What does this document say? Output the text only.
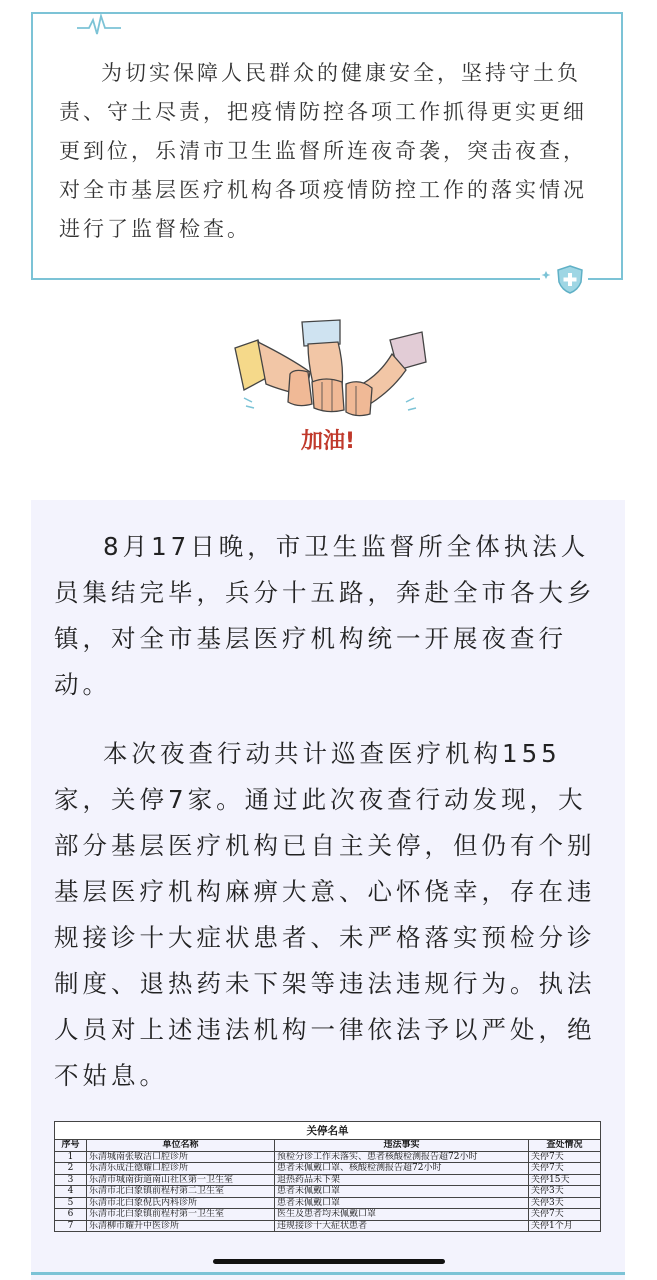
为切实保障人民群众的健康安全，坚持守土负责、守土尽责，把疫情防控各项工作抓得更实更细更到位，乐清市卫生监督所连夜奇袭，突击夜查，对全市基层医疗机构各项疫情防控工作的落实情况进行了监督检查。

加油!

8月17日晚，市卫生监督所全体执法人员集结完毕，兵分十五路，奔赴全市各大乡镇，对全市基层医疗机构统一开展夜查行动。

本次夜查行动共计巡查医疗机构155家，关停7家。通过此次夜查行动发现，大部分基层医疗机构已自主关停，但仍有个别基层医疗机构麻痹大意、心怀侥幸，存在违规接诊十大症状患者、未严格落实预检分诊制度、退热药未下架等违法违规行为。执法人员对上述违法机构一律依法予以严处，绝不姑息。

关停名单
序号	单位名称	违法事实	查处情况
1	乐清城南张敏洁口腔诊所	预检分诊工作未落实、患者核酸检测报告超72小时	关停7天
2	乐清乐成汪德耀口腔诊所	患者未佩戴口罩、核酸检测报告超72小时	关停7天
3	乐清市城南街道南山社区第一卫生室	退热药品未下架	关停15天
4	乐清市北白象镇前程村第二卫生室	患者未佩戴口罩	关停3天
5	乐清市北白象倪氏内科诊所	患者未佩戴口罩	关停3天
6	乐清市北白象镇前程村第一卫生室	医生及患者均未佩戴口罩	关停7天
7	乐清柳市耀升中医诊所	违规接诊十大症状患者	关停1个月
